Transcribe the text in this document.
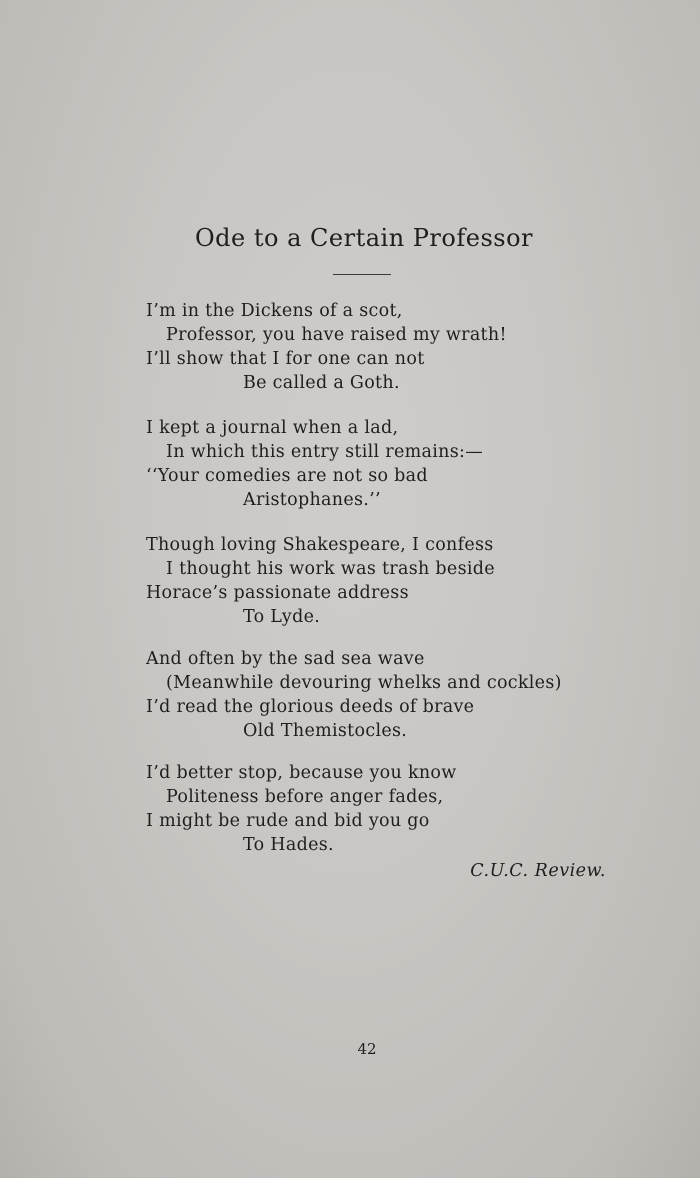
Ode to a Certain Professor
I’m in the Dickens of a scot,
Professor, you have raised my wrath!
I’ll show that I for one can not
Be called a Goth.
I kept a journal when a lad,
In which this entry still remains:—
‘‘Your comedies are not so bad
Aristophanes.’’
Though loving Shakespeare, I confess
I thought his work was trash beside
Horace’s passionate address
To Lyde.
And often by the sad sea wave
(Meanwhile devouring whelks and cockles)
I’d read the glorious deeds of brave
Old Themistocles.
I’d better stop, because you know
Politeness before anger fades,
I might be rude and bid you go
To Hades.
C.U.C. Review.
42
